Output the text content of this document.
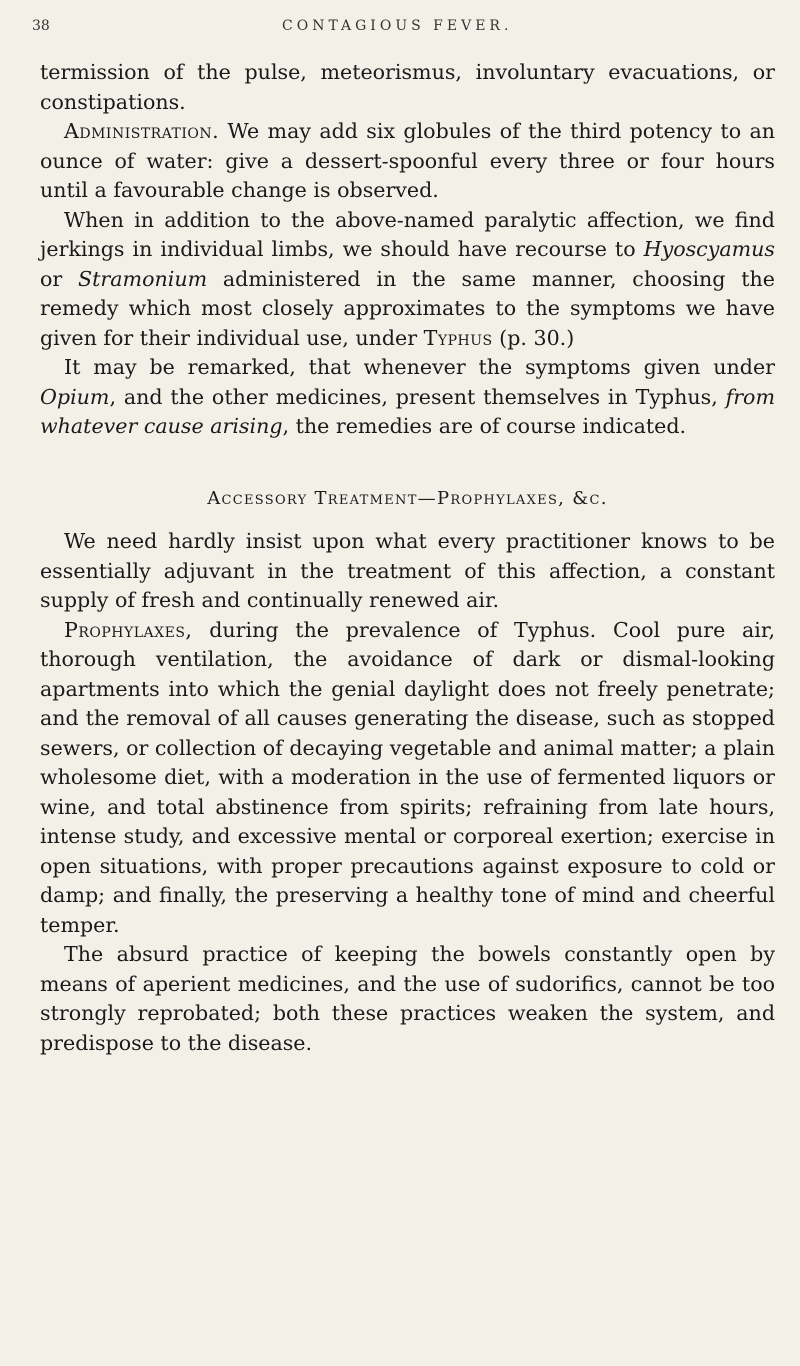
38	CONTAGIOUS FEVER.

termission of the pulse, meteorismus, involuntary evacuations, or constipations.

Administration. We may add six globules of the third potency to an ounce of water: give a dessert-spoonful every three or four hours until a favourable change is observed.

When in addition to the above-named paralytic affection, we find jerkings in individual limbs, we should have recourse to Hyoscyamus or Stramonium administered in the same manner, choosing the remedy which most closely approximates to the symptoms we have given for their individual use, under Typhus (p. 30.)

It may be remarked, that whenever the symptoms given under Opium, and the other medicines, present themselves in Typhus, from whatever cause arising, the remedies are of course indicated.

Accessory Treatment—Prophylaxes, &c.

We need hardly insist upon what every practitioner knows to be essentially adjuvant in the treatment of this affection, a constant supply of fresh and continually renewed air.

Prophylaxes, during the prevalence of Typhus. Cool pure air, thorough ventilation, the avoidance of dark or dismal-looking apartments into which the genial daylight does not freely penetrate; and the removal of all causes generating the disease, such as stopped sewers, or collection of decaying vegetable and animal matter; a plain wholesome diet, with a moderation in the use of fermented liquors or wine, and total abstinence from spirits; refraining from late hours, intense study, and excessive mental or corporeal exertion; exercise in open situations, with proper precautions against exposure to cold or damp; and finally, the preserving a healthy tone of mind and cheerful temper.

The absurd practice of keeping the bowels constantly open by means of aperient medicines, and the use of sudorifics, cannot be too strongly reprobated; both these practices weaken the system, and predispose to the disease.
